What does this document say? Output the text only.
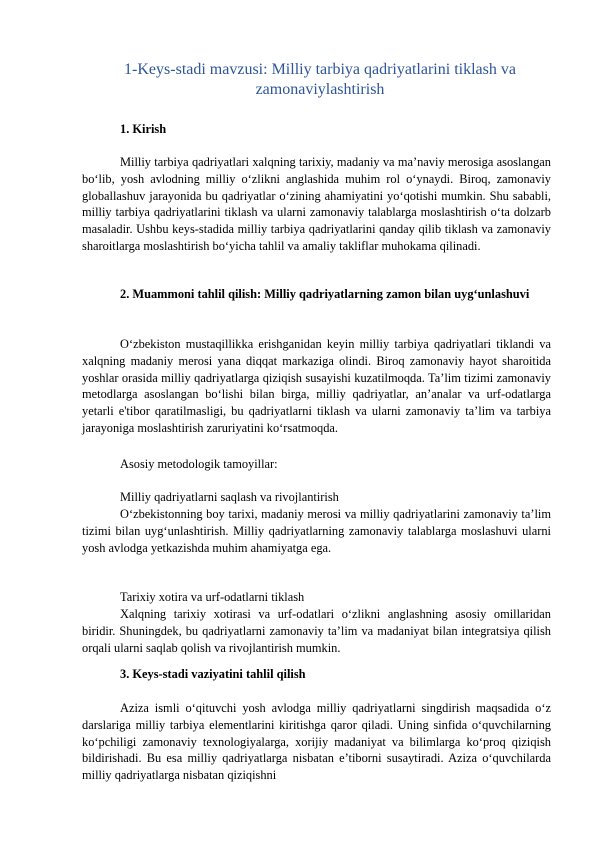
1-Keys-stadi mavzusi: Milliy tarbiya qadriyatlarini tiklash va zamonaviylashtirish

1. Kirish

Milliy tarbiya qadriyatlari xalqning tarixiy, madaniy va ma’naviy merosiga asoslangan bo‘lib, yosh avlodning milliy o‘zlikni anglashida muhim rol o‘ynaydi. Biroq, zamonaviy globallashuv jarayonida bu qadriyatlar o‘zining ahamiyatini yo‘qotishi mumkin. Shu sababli, milliy tarbiya qadriyatlarini tiklash va ularni zamonaviy talablarga moslashtirish o‘ta dolzarb masaladir. Ushbu keys-stadida milliy tarbiya qadriyatlarini qanday qilib tiklash va zamonaviy sharoitlarga moslashtirish bo‘yicha tahlil va amaliy takliflar muhokama qilinadi.

2. Muammoni tahlil qilish: Milliy qadriyatlarning zamon bilan uyg‘unlashuvi

O‘zbekiston mustaqillikka erishganidan keyin milliy tarbiya qadriyatlari tiklandi va xalqning madaniy merosi yana diqqat markaziga olindi. Biroq zamonaviy hayot sharoitida yoshlar orasida milliy qadriyatlarga qiziqish susayishi kuzatilmoqda. Ta’lim tizimi zamonaviy metodlarga asoslangan bo‘lishi bilan birga, milliy qadriyatlar, an’analar va urf-odatlarga yetarli e'tibor qaratilmasligi, bu qadriyatlarni tiklash va ularni zamonaviy ta’lim va tarbiya jarayoniga moslashtirish zaruriyatini ko‘rsatmoqda.

Asosiy metodologik tamoyillar:

Milliy qadriyatlarni saqlash va rivojlantirish

O‘zbekistonning boy tarixi, madaniy merosi va milliy qadriyatlarini zamonaviy ta’lim tizimi bilan uyg‘unlashtirish. Milliy qadriyatlarning zamonaviy talablarga moslashuvi ularni yosh avlodga yetkazishda muhim ahamiyatga ega.

Tarixiy xotira va urf-odatlarni tiklash

Xalqning tarixiy xotirasi va urf-odatlari o‘zlikni anglashning asosiy omillaridan biridir. Shuningdek, bu qadriyatlarni zamonaviy ta’lim va madaniyat bilan integratsiya qilish orqali ularni saqlab qolish va rivojlantirish mumkin.

3. Keys-stadi vaziyatini tahlil qilish

Aziza ismli o‘qituvchi yosh avlodga milliy qadriyatlarni singdirish maqsadida o‘z darslariga milliy tarbiya elementlarini kiritishga qaror qiladi. Uning sinfida o‘quvchilarning ko‘pchiligi zamonaviy texnologiyalarga, xorijiy madaniyat va bilimlarga ko‘proq qiziqish bildirishadi. Bu esa milliy qadriyatlarga nisbatan e’tiborni susaytiradi. Aziza o‘quvchilarda milliy qadriyatlarga nisbatan qiziqishni
